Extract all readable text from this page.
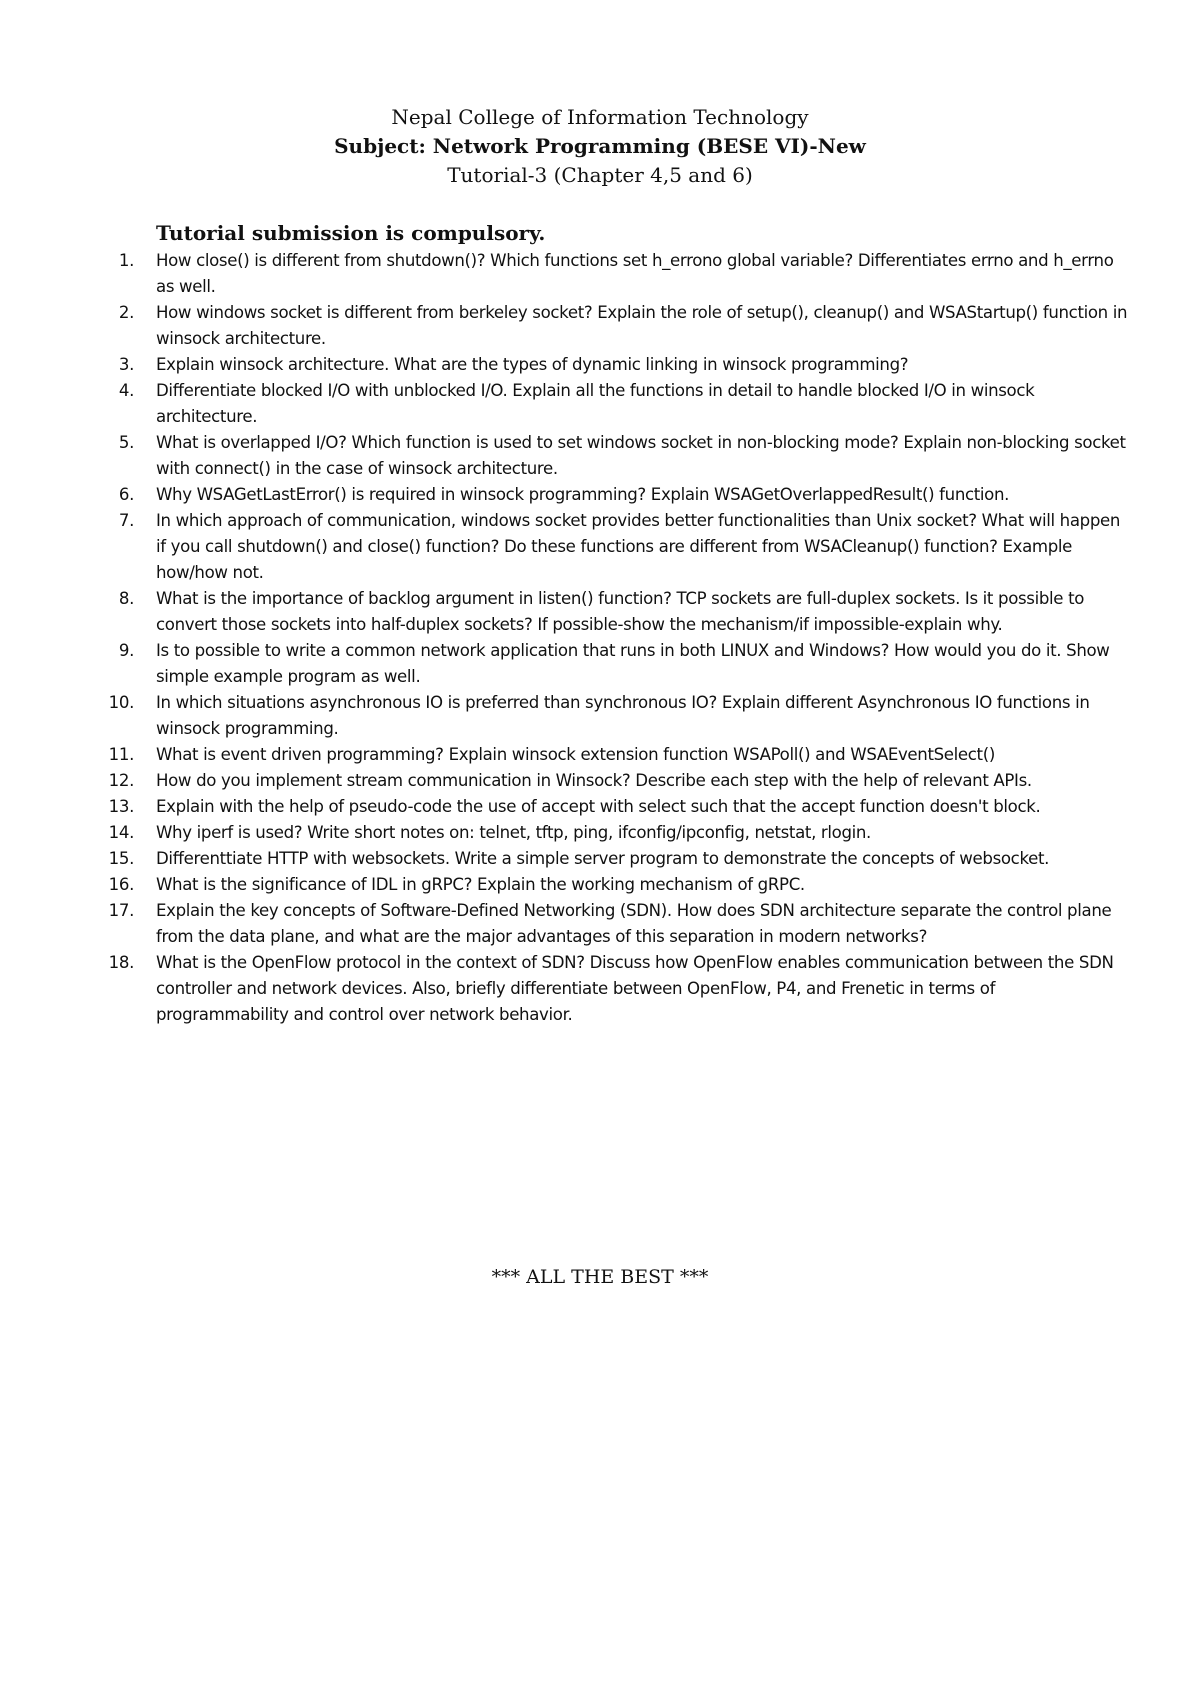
Nepal College of Information Technology
Subject: Network Programming (BESE VI)-New
Tutorial-3 (Chapter 4,5 and 6)
Tutorial submission is compulsory.
1. How close() is different from shutdown()? Which functions set h_errono global variable? Differentiates errno and h_errno as well.
2. How windows socket is different from berkeley socket? Explain the role of setup(), cleanup() and WSAStartup() function in winsock architecture.
3. Explain winsock architecture. What are the types of dynamic linking in winsock programming?
4. Differentiate blocked I/O with unblocked I/O. Explain all the functions in detail to handle blocked I/O in winsock architecture.
5. What is overlapped I/O? Which function is used to set windows socket in non-blocking mode? Explain non-blocking socket with connect() in the case of winsock architecture.
6. Why WSAGetLastError() is required in winsock programming? Explain WSAGetOverlappedResult() function.
7. In which approach of communication, windows socket provides better functionalities than Unix socket? What will happen if you call shutdown() and close() function? Do these functions are different from WSACleanup() function? Example how/how not.
8. What is the importance of backlog argument in listen() function? TCP sockets are full-duplex sockets. Is it possible to convert those sockets into half-duplex sockets? If possible-show the mechanism/if impossible-explain why.
9. Is to possible to write a common network application that runs in both LINUX and Windows? How would you do it. Show simple example program as well.
10. In which situations asynchronous IO is preferred than synchronous IO? Explain different Asynchronous IO functions in winsock programming.
11. What is event driven programming? Explain winsock extension function WSAPoll() and WSAEventSelect()
12. How do you implement stream communication in Winsock? Describe each step with the help of relevant APIs.
13. Explain with the help of pseudo-code the use of accept with select such that the accept function doesn't block.
14. Why iperf is used? Write short notes on: telnet, tftp, ping, ifconfig/ipconfig, netstat, rlogin.
15. Differenttiate HTTP with websockets. Write a simple server program to demonstrate the concepts of websocket.
16. What is the significance of IDL in gRPC? Explain the working mechanism of gRPC.
17. Explain the key concepts of Software-Defined Networking (SDN). How does SDN architecture separate the control plane from the data plane, and what are the major advantages of this separation in modern networks?
18. What is the OpenFlow protocol in the context of SDN? Discuss how OpenFlow enables communication between the SDN controller and network devices. Also, briefly differentiate between OpenFlow, P4, and Frenetic in terms of programmability and control over network behavior.
*** ALL THE BEST ***
